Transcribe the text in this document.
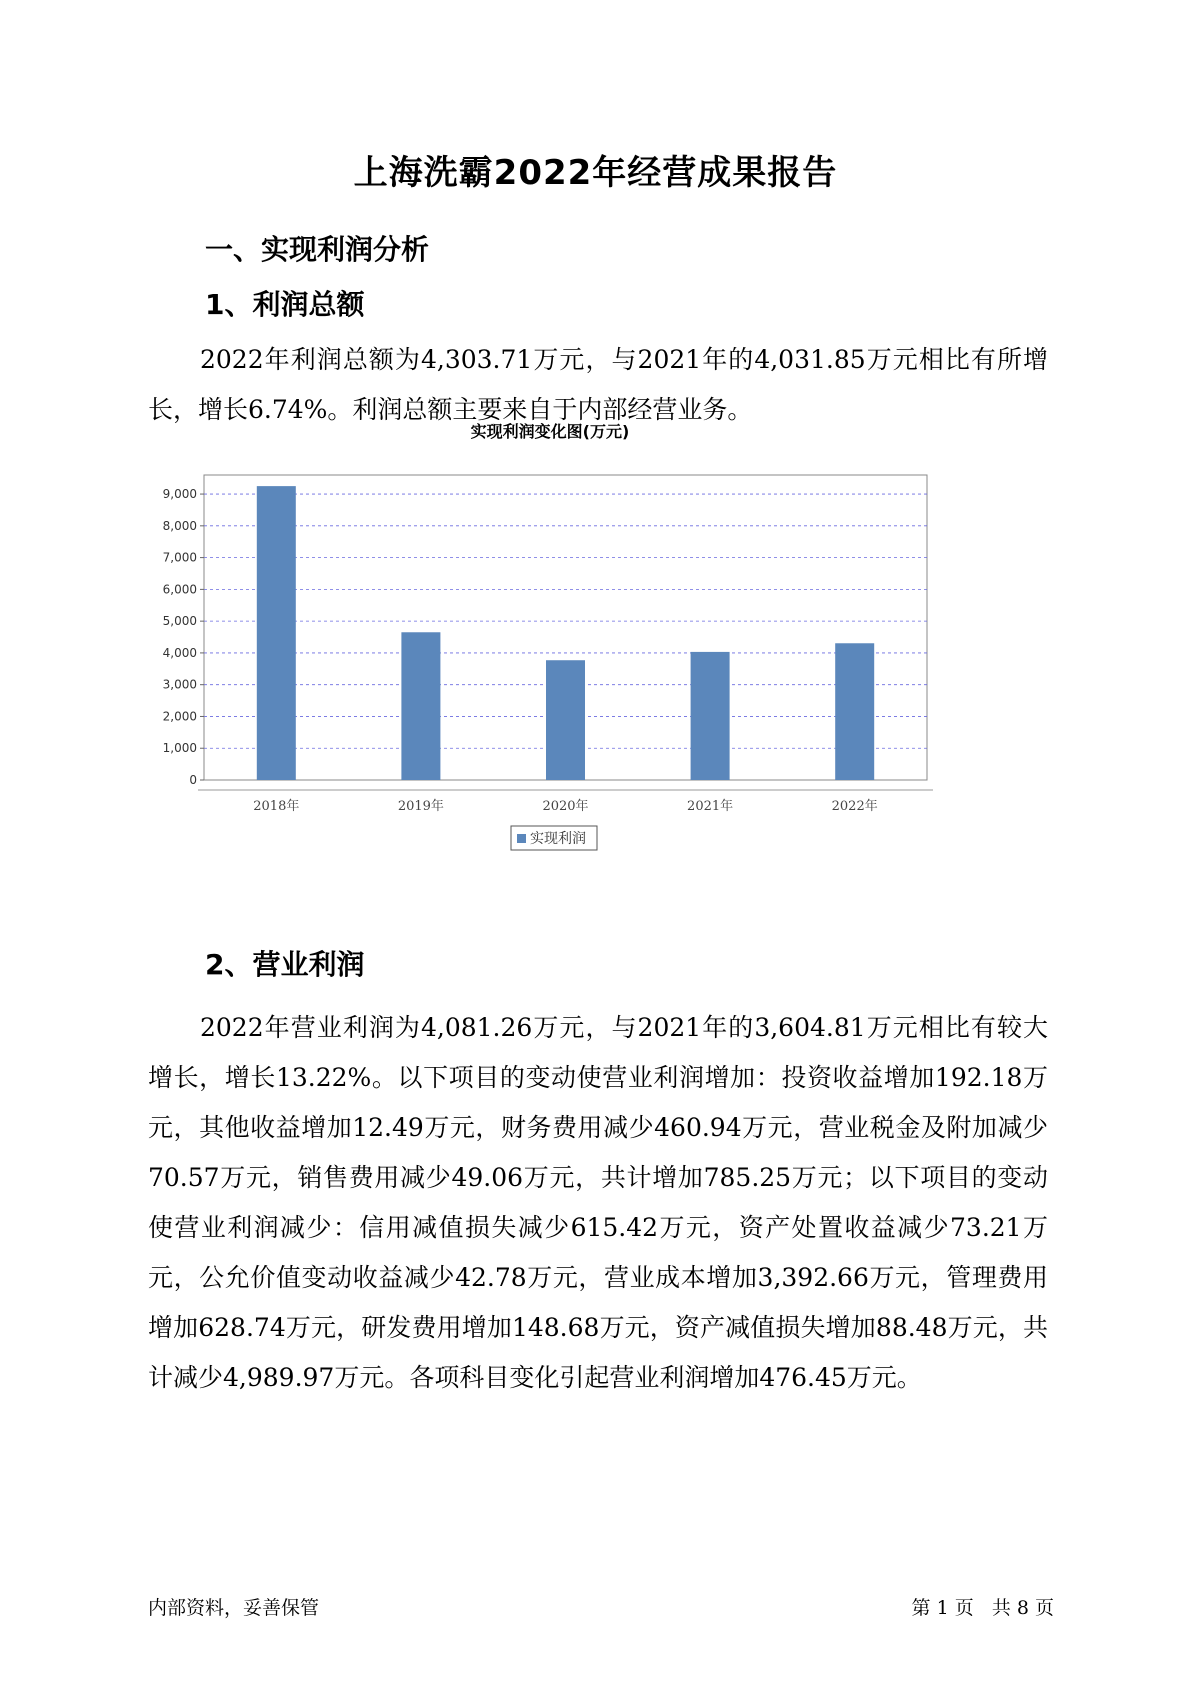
上海洗霸2022年经营成果报告
一、实现利润分析
1、利润总额
2022年利润总额为4,303.71万元，与2021年的4,031.85万元相比有所增长，增长6.74%。利润总额主要来自于内部经营业务。
实现利润变化图(万元)
0
1,000
2,000
3,000
4,000
5,000
6,000
7,000
8,000
9,000
2018年	2019年	2020年	2021年	2022年
实现利润
2、营业利润
2022年营业利润为4,081.26万元，与2021年的3,604.81万元相比有较大增长，增长13.22%。以下项目的变动使营业利润增加：投资收益增加192.18万元，其他收益增加12.49万元，财务费用减少460.94万元，营业税金及附加减少70.57万元，销售费用减少49.06万元，共计增加785.25万元；以下项目的变动使营业利润减少：信用减值损失减少615.42万元，资产处置收益减少73.21万元，公允价值变动收益减少42.78万元，营业成本增加3,392.66万元，管理费用增加628.74万元，研发费用增加148.68万元，资产减值损失增加88.48万元，共计减少4,989.97万元。各项科目变化引起营业利润增加476.45万元。
内部资料，妥善保管	第 1 页   共 8 页
